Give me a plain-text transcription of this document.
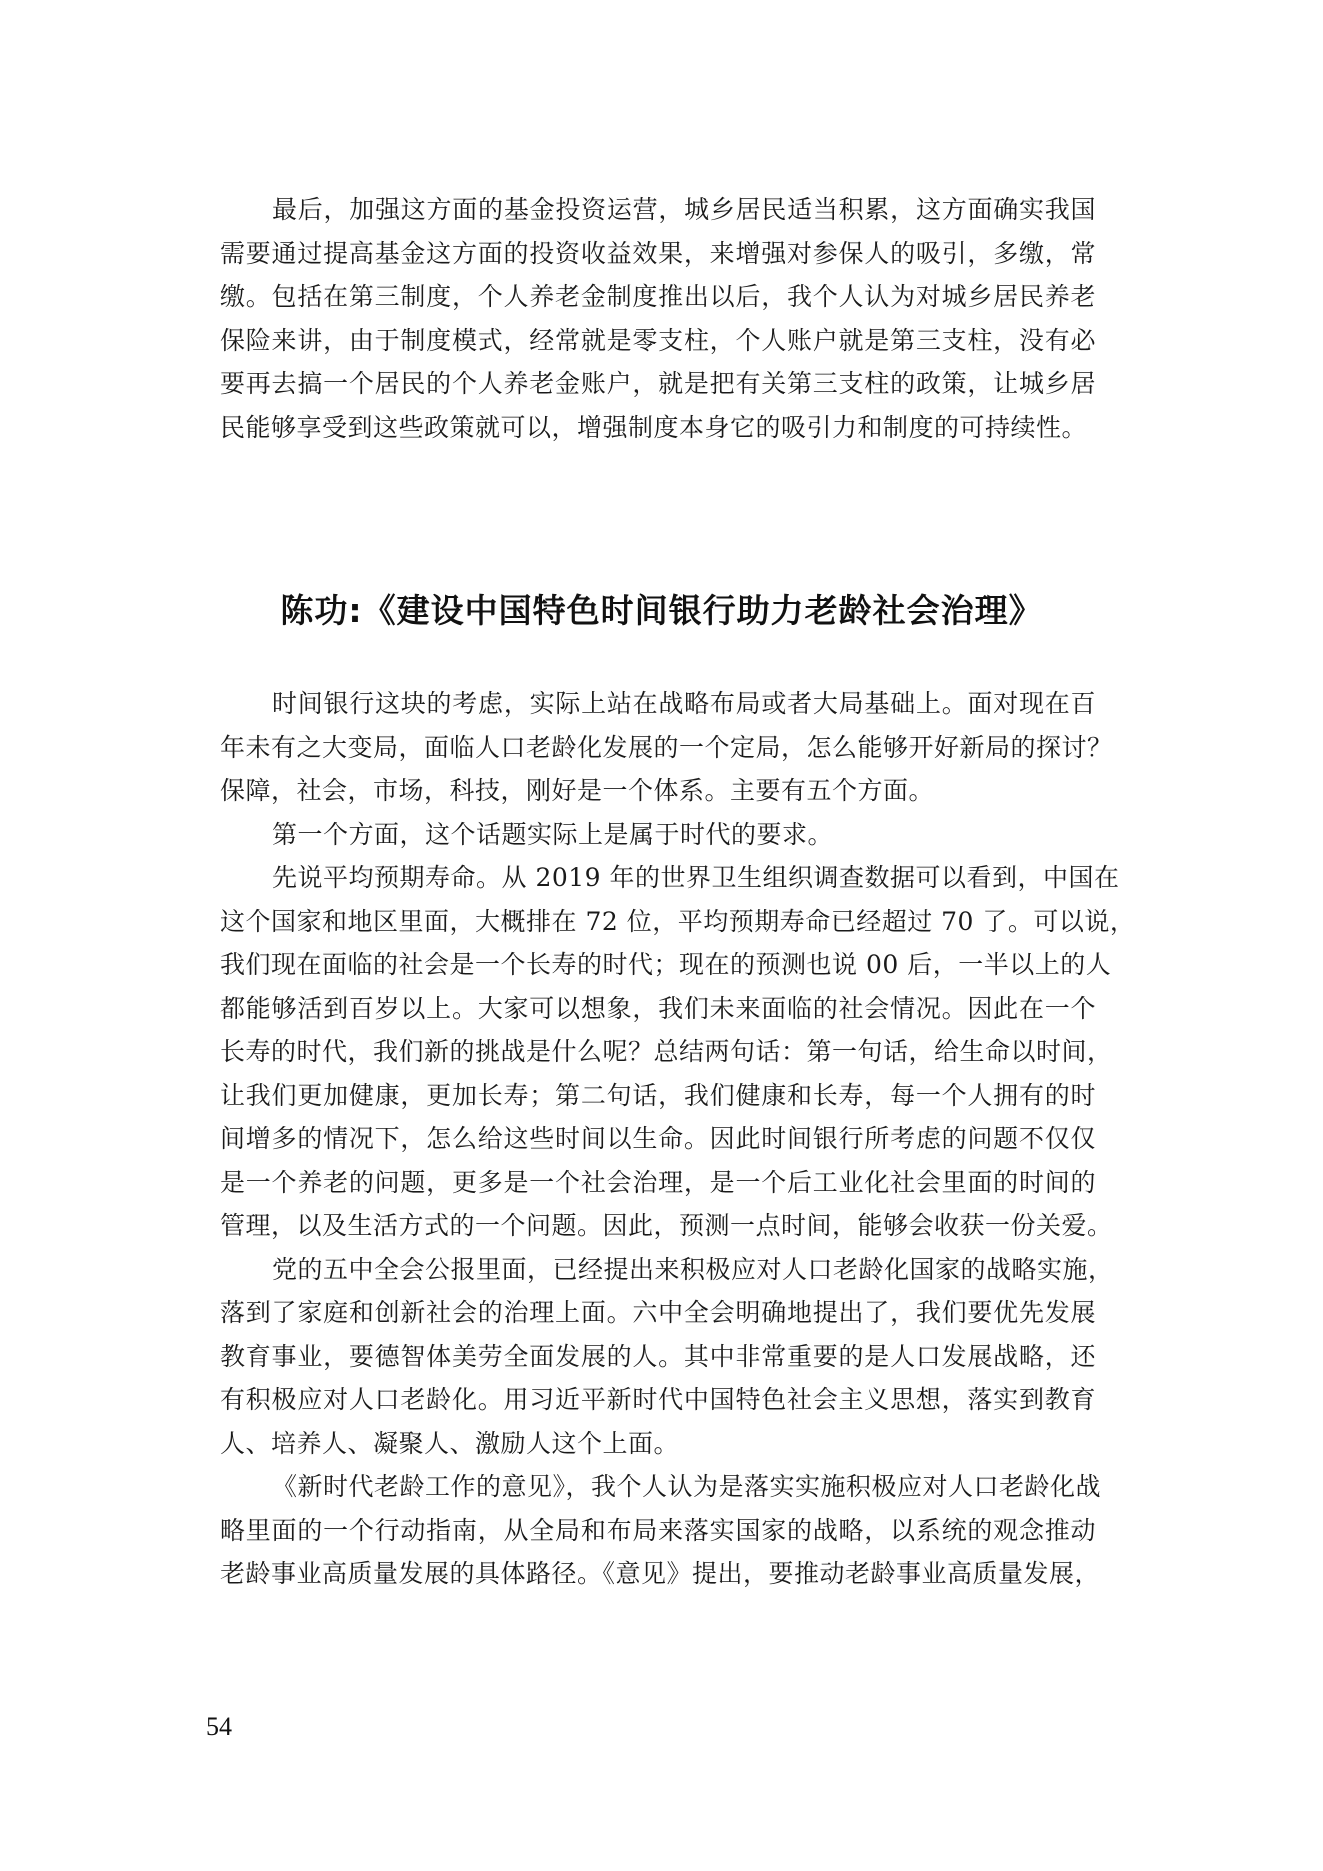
最后，加强这方面的基金投资运营，城乡居民适当积累，这方面确实我国
需要通过提高基金这方面的投资收益效果，来增强对参保人的吸引，多缴，常
缴。包括在第三制度，个人养老金制度推出以后，我个人认为对城乡居民养老
保险来讲，由于制度模式，经常就是零支柱，个人账户就是第三支柱，没有必
要再去搞一个居民的个人养老金账户，就是把有关第三支柱的政策，让城乡居
民能够享受到这些政策就可以，增强制度本身它的吸引力和制度的可持续性。
陈功:《建设中国特色时间银行助力老龄社会治理》
时间银行这块的考虑，实际上站在战略布局或者大局基础上。面对现在百
年未有之大变局，面临人口老龄化发展的一个定局，怎么能够开好新局的探讨？
保障，社会，市场，科技，刚好是一个体系。主要有五个方面。
第一个方面，这个话题实际上是属于时代的要求。
先说平均预期寿命。从 2019 年的世界卫生组织调查数据可以看到，中国在
这个国家和地区里面，大概排在 72 位，平均预期寿命已经超过 70 了。可以说，
我们现在面临的社会是一个长寿的时代；现在的预测也说 00 后，一半以上的人
都能够活到百岁以上。大家可以想象，我们未来面临的社会情况。因此在一个
长寿的时代，我们新的挑战是什么呢？总结两句话：第一句话，给生命以时间，
让我们更加健康，更加长寿；第二句话，我们健康和长寿，每一个人拥有的时
间增多的情况下，怎么给这些时间以生命。因此时间银行所考虑的问题不仅仅
是一个养老的问题，更多是一个社会治理，是一个后工业化社会里面的时间的
管理，以及生活方式的一个问题。因此，预测一点时间，能够会收获一份关爱。
党的五中全会公报里面，已经提出来积极应对人口老龄化国家的战略实施，
落到了家庭和创新社会的治理上面。六中全会明确地提出了，我们要优先发展
教育事业，要德智体美劳全面发展的人。其中非常重要的是人口发展战略，还
有积极应对人口老龄化。用习近平新时代中国特色社会主义思想，落实到教育
人、培养人、凝聚人、激励人这个上面。
《新时代老龄工作的意见》，我个人认为是落实实施积极应对人口老龄化战
略里面的一个行动指南，从全局和布局来落实国家的战略，以系统的观念推动
老龄事业高质量发展的具体路径。《意见》提出，要推动老龄事业高质量发展，
54
